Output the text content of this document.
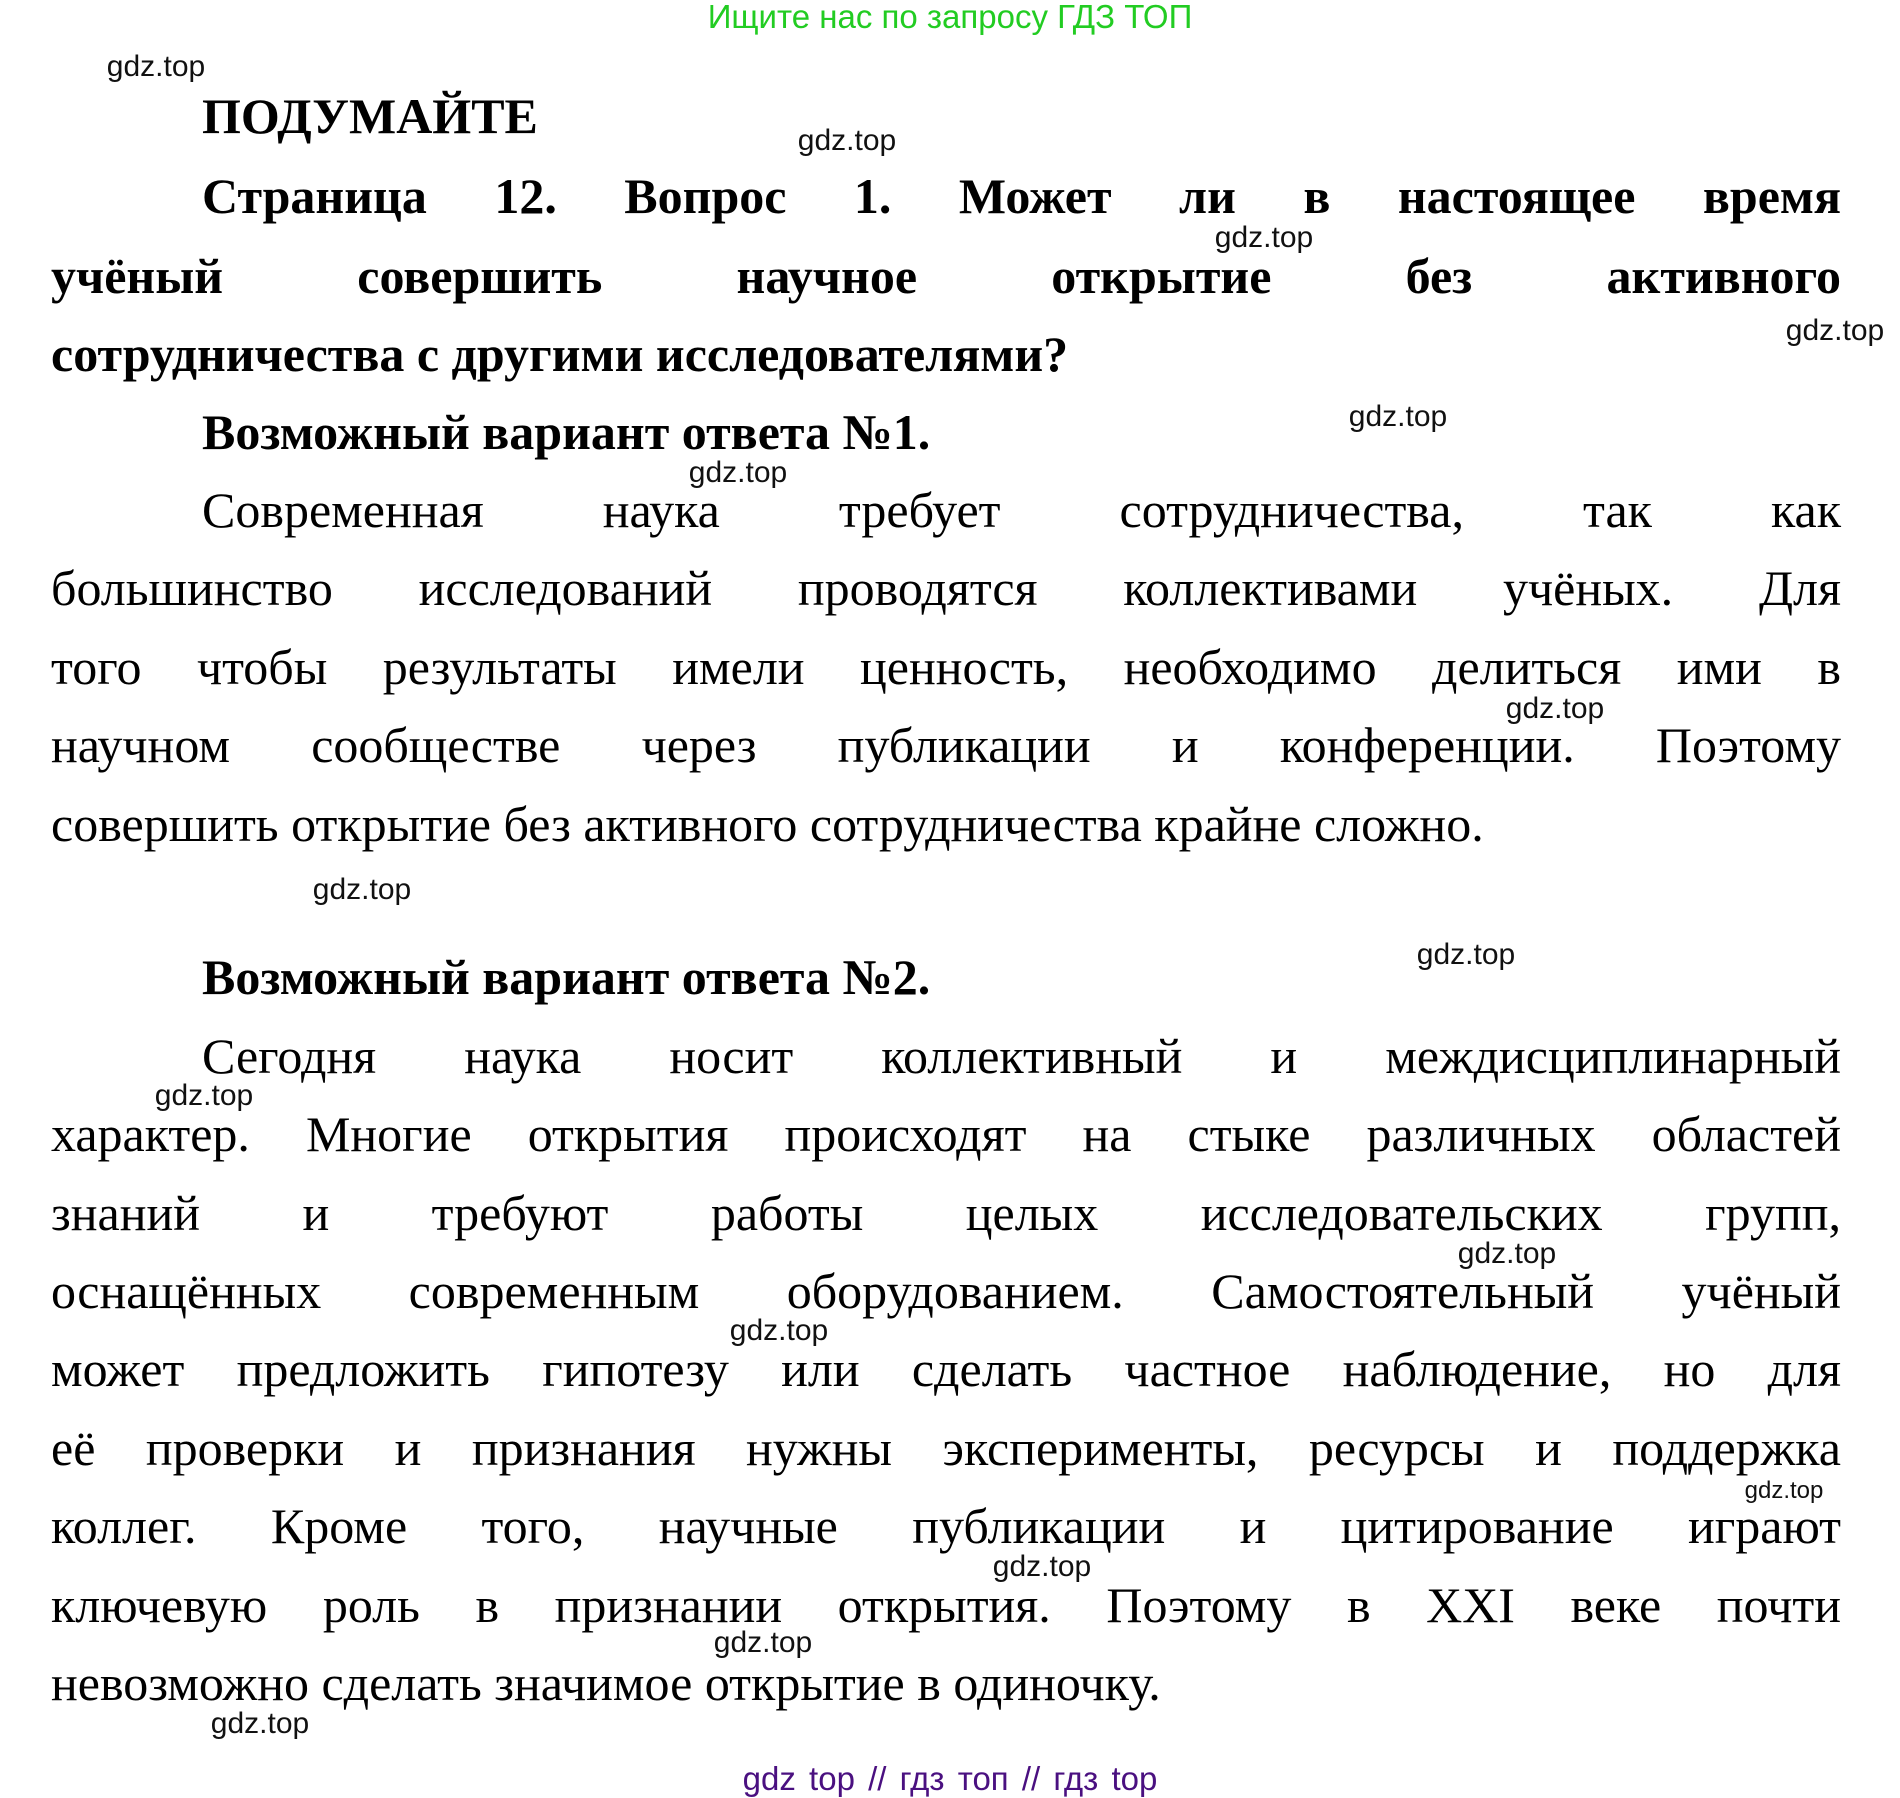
Ищите нас по запросу ГДЗ ТОП
ПОДУМАЙТЕ
Страница 12. Вопрос 1. Может ли в настоящее время
учёный совершить научное открытие без активного
сотрудничества с другими исследователями?
Возможный вариант ответа №1.
Современная наука требует сотрудничества, так как
большинство исследований проводятся коллективами учёных. Для
того чтобы результаты имели ценность, необходимо делиться ими в
научном сообществе через публикации и конференции. Поэтому
совершить открытие без активного сотрудничества крайне сложно.
Возможный вариант ответа №2.
Сегодня наука носит коллективный и междисциплинарный
характер. Многие открытия происходят на стыке различных областей
знаний и требуют работы целых исследовательских групп,
оснащённых современным оборудованием. Самостоятельный учёный
может предложить гипотезу или сделать частное наблюдение, но для
её проверки и признания нужны эксперименты, ресурсы и поддержка
коллег. Кроме того, научные публикации и цитирование играют
ключевую роль в признании открытия. Поэтому в XXI веке почти
невозможно сделать значимое открытие в одиночку.
gdz.top
gdz.top
gdz.top
gdz.top
gdz.top
gdz.top
gdz.top
gdz.top
gdz.top
gdz.top
gdz.top
gdz.top
gdz.top
gdz.top
gdz.top
gdz.top
gdz top // гдз топ // гдз top
